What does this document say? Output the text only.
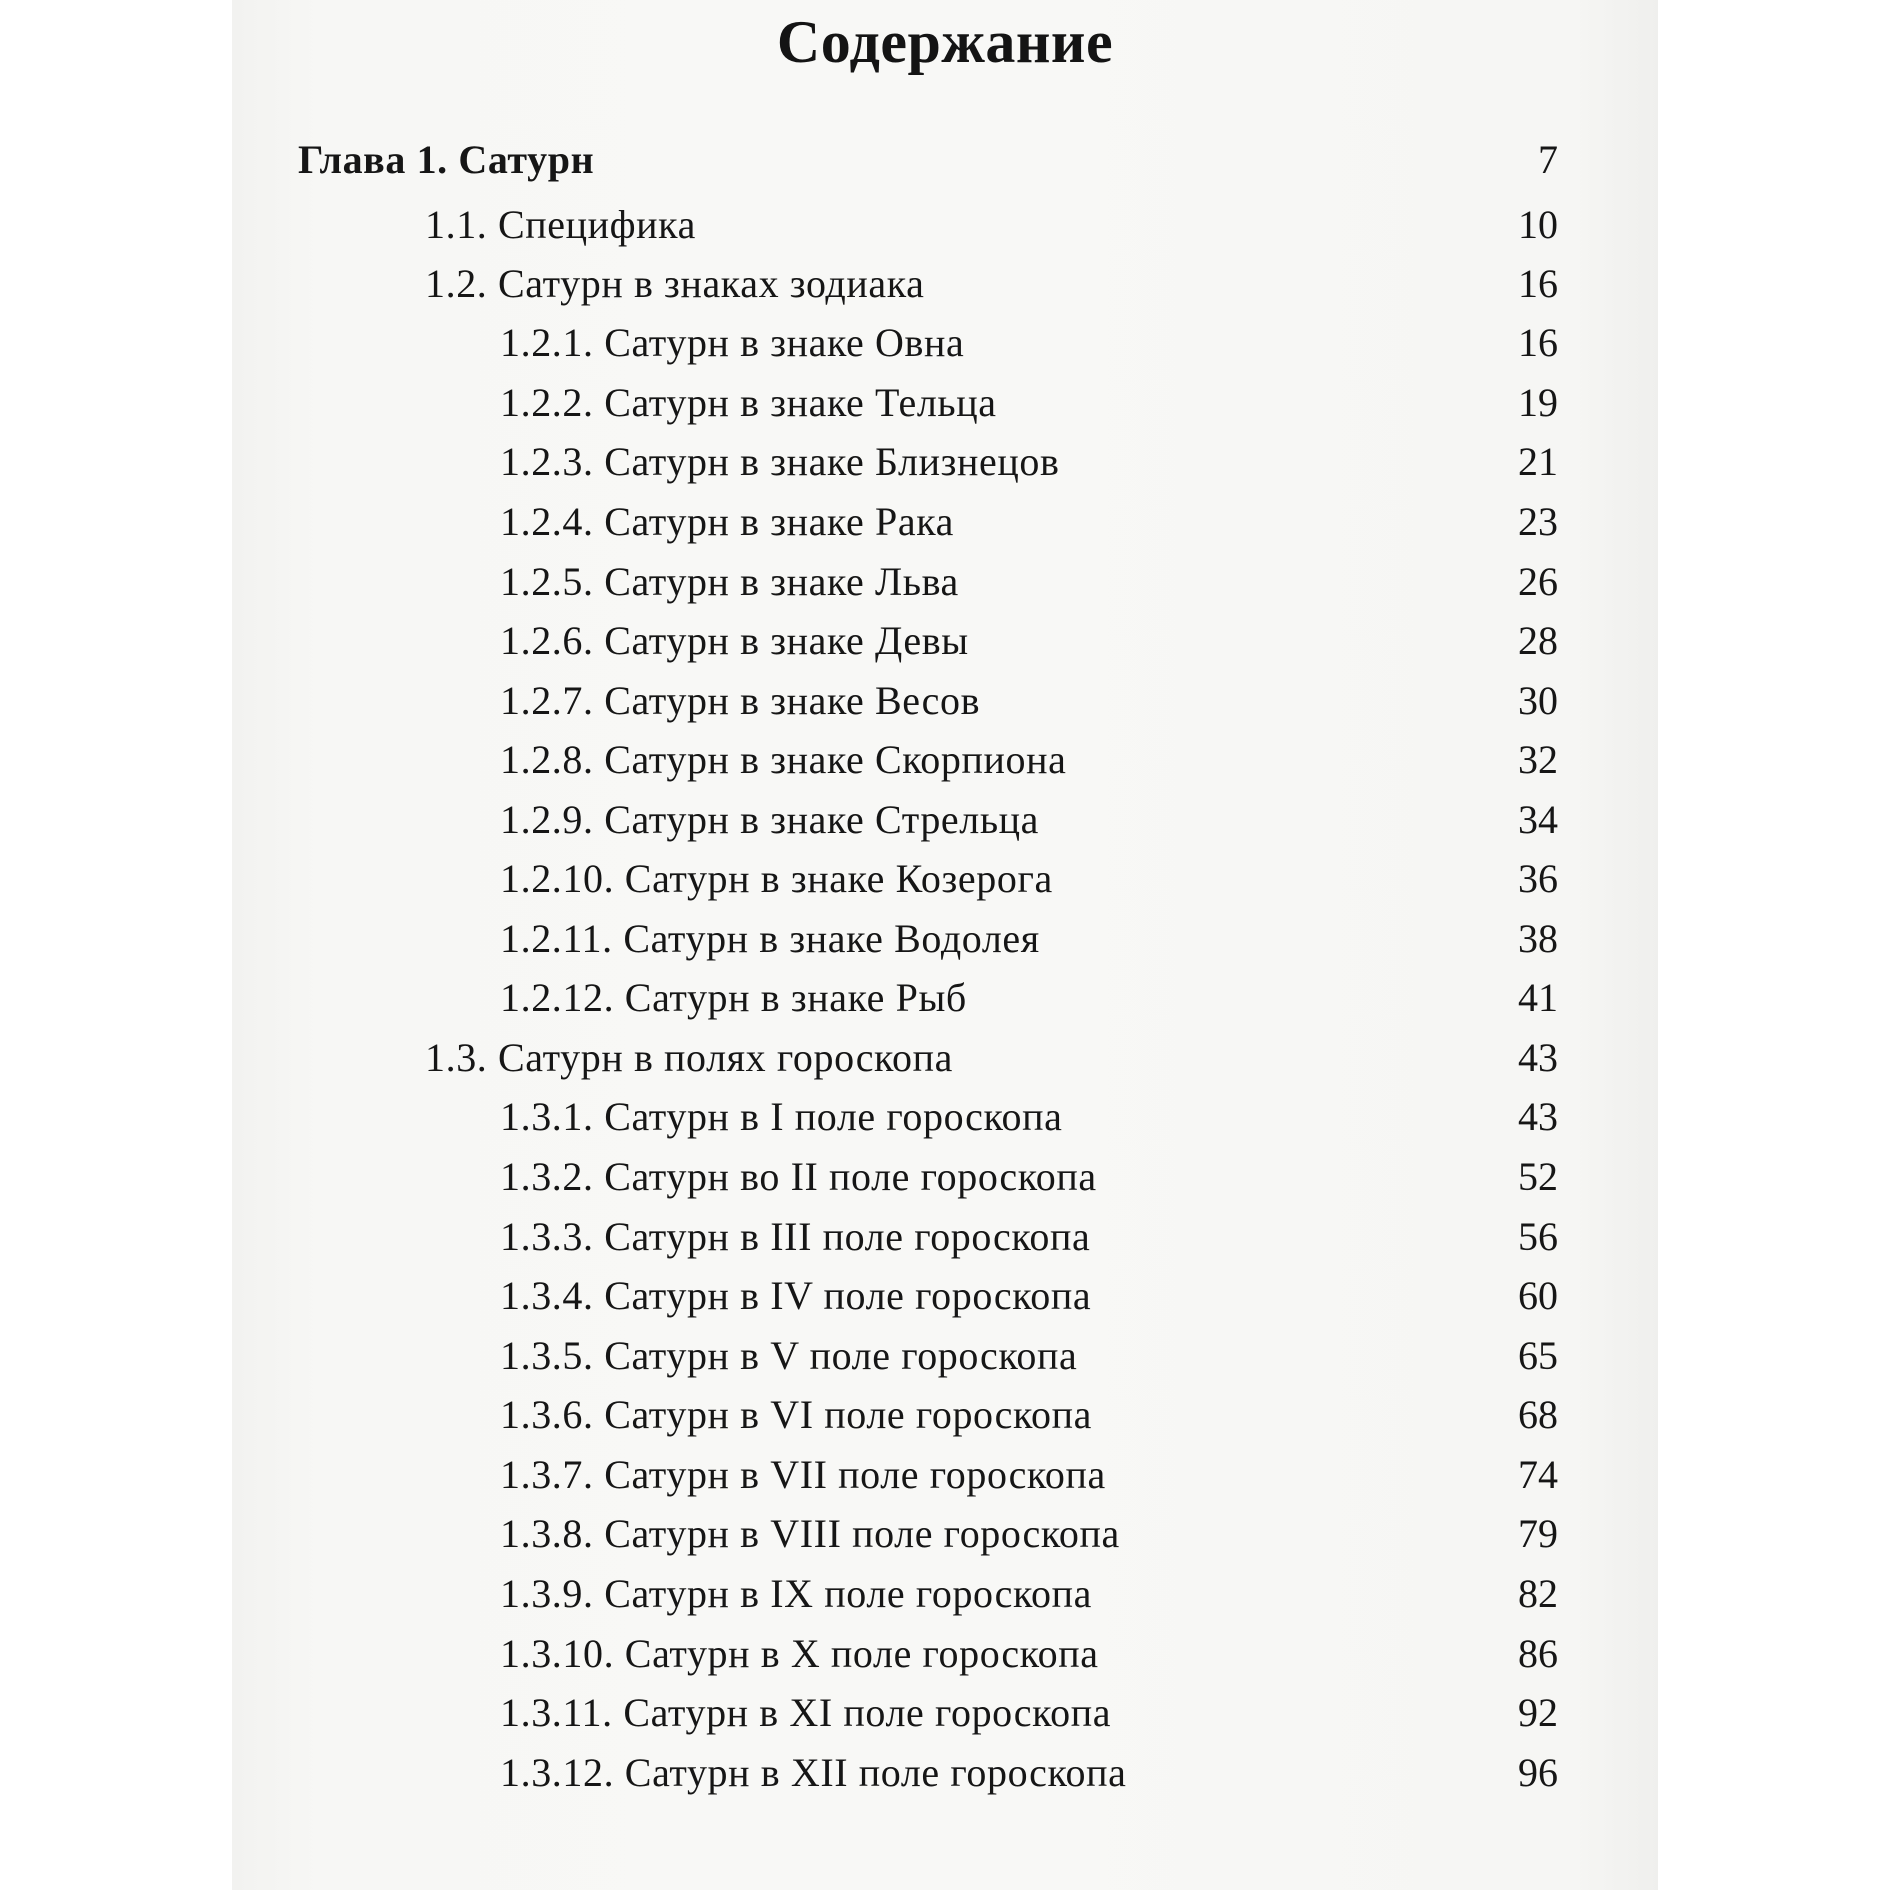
Содержание
Глава 1. Сатурн	7
1.1. Специфика	10
1.2. Сатурн в знаках зодиака	16
1.2.1. Сатурн в знаке Овна	16
1.2.2. Сатурн в знаке Тельца	19
1.2.3. Сатурн в знаке Близнецов	21
1.2.4. Сатурн в знаке Рака	23
1.2.5. Сатурн в знаке Льва	26
1.2.6. Сатурн в знаке Девы	28
1.2.7. Сатурн в знаке Весов	30
1.2.8. Сатурн в знаке Скорпиона	32
1.2.9. Сатурн в знаке Стрельца	34
1.2.10. Сатурн в знаке Козерога	36
1.2.11. Сатурн в знаке Водолея	38
1.2.12. Сатурн в знаке Рыб	41
1.3. Сатурн в полях гороскопа	43
1.3.1. Сатурн в I поле гороскопа	43
1.3.2. Сатурн во II поле гороскопа	52
1.3.3. Сатурн в III поле гороскопа	56
1.3.4. Сатурн в IV поле гороскопа	60
1.3.5. Сатурн в V поле гороскопа	65
1.3.6. Сатурн в VI поле гороскопа	68
1.3.7. Сатурн в VII поле гороскопа	74
1.3.8. Сатурн в VIII поле гороскопа	79
1.3.9. Сатурн в IX поле гороскопа	82
1.3.10. Сатурн в X поле гороскопа	86
1.3.11. Сатурн в XI поле гороскопа	92
1.3.12. Сатурн в XII поле гороскопа	96
